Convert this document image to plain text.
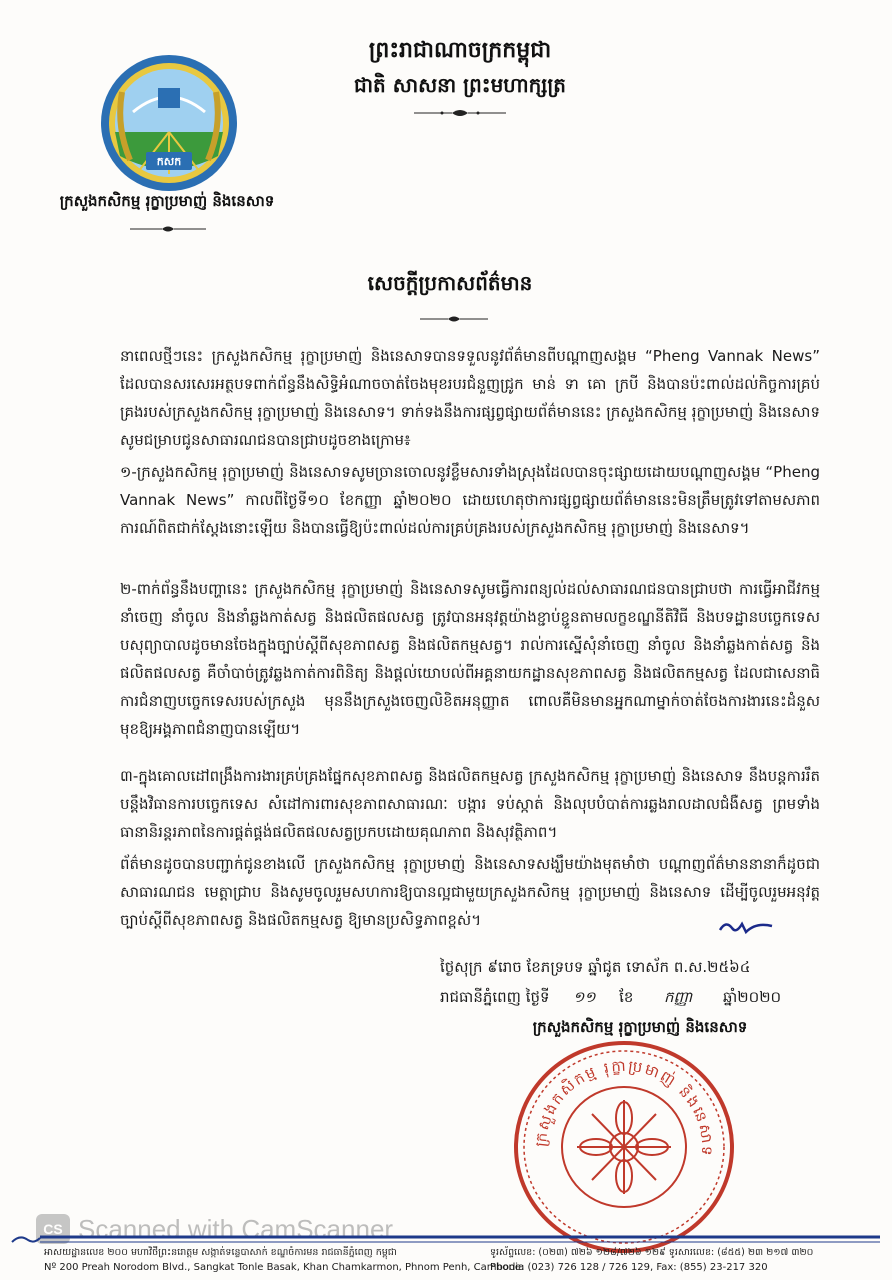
កសក
ក្រសួងកសិកម្ម រុក្ខាប្រមាញ់ និងនេសាទ
ព្រះរាជាណាចក្រកម្ពុជា
ជាតិ សាសនា ព្រះមហាក្សត្រ
សេចក្តីប្រកាសព័ត៌មាន
នាពេលថ្មីៗនេះ ក្រសួងកសិកម្ម រុក្ខាប្រមាញ់ និងនេសាទបានទទួលនូវព័ត៌មានពីបណ្តាញសង្គម “Pheng Vannak News” ដែលបានសរសេរអត្ថបទពាក់ព័ន្ធនឹងសិទ្ធិអំណាចចាត់ចែងមុខរបរជំនួញជ្រូក មាន់ ទា គោ ក្របី និងបានប៉ះពាល់ដល់កិច្ចការគ្រប់គ្រងរបស់ក្រសួងកសិកម្ម រុក្ខាប្រមាញ់ និងនេសាទ។ ទាក់ទងនឹងការផ្សព្វផ្សាយព័ត៌មាននេះ ក្រសួងកសិកម្ម រុក្ខាប្រមាញ់ និងនេសាទសូមជម្រាបជូនសាធារណជនបានជ្រាបដូចខាងក្រោម៖
១-ក្រសួងកសិកម្ម រុក្ខាប្រមាញ់ និងនេសាទសូមច្រានចោលនូវខ្លឹមសារទាំងស្រុងដែលបានចុះផ្សាយដោយបណ្តាញសង្គម “Pheng Vannak News” កាលពីថ្ងៃទី១០ ខែកញ្ញា ឆ្នាំ២០២០ ដោយហេតុថាការផ្សព្វផ្សាយព័ត៌មាននេះមិនត្រឹមត្រូវទៅតាមសភាពការណ៍ពិតជាក់ស្តែងនោះឡើយ និងបានធ្វើឱ្យប៉ះពាល់ដល់ការគ្រប់គ្រងរបស់ក្រសួងកសិកម្ម រុក្ខាប្រមាញ់ និងនេសាទ។
២-ពាក់ព័ន្ធនឹងបញ្ហានេះ ក្រសួងកសិកម្ម រុក្ខាប្រមាញ់ និងនេសាទសូមធ្វើការពន្យល់ដល់សាធារណជនបានជ្រាបថា ការធ្វើអាជីវកម្មនាំចេញ នាំចូល និងនាំឆ្លងកាត់សត្វ និងផលិតផលសត្វ ត្រូវបានអនុវត្តយ៉ាងខ្ជាប់ខ្ជួនតាមលក្ខខណ្ឌនីតិវិធី និងបទដ្ឋានបច្ចេកទេសបសុព្យាបាលដូចមានចែងក្នុងច្បាប់ស្តីពីសុខភាពសត្វ និងផលិតកម្មសត្វ។ រាល់ការស្នើសុំនាំចេញ នាំចូល និងនាំឆ្លងកាត់សត្វ និងផលិតផលសត្វ គឺចាំបាច់ត្រូវឆ្លងកាត់ការពិនិត្យ និងផ្តល់យោបល់ពីអគ្គនាយកដ្ឋានសុខភាពសត្វ និងផលិតកម្មសត្វ ដែលជាសេនាធិការជំនាញបច្ចេកទេសរបស់ក្រសួង មុននឹងក្រសួងចេញលិខិតអនុញ្ញាត ពោលគឺមិនមានអ្នកណាម្នាក់ចាត់ចែងការងារនេះដំនួសមុខឱ្យអង្គភាពជំនាញបានឡើយ។
៣-ក្នុងគោលដៅពង្រឹងការងារគ្រប់គ្រងផ្នែកសុខភាពសត្វ និងផលិតកម្មសត្វ ក្រសួងកសិកម្ម រុក្ខាប្រមាញ់ និងនេសាទ នឹងបន្តការរឹតបន្តឹងវិធានការបច្ចេកទេស សំដៅការពារសុខភាពសាធារណៈ បង្ការ ទប់ស្កាត់ និងលុបបំបាត់ការឆ្លងរាលដាលជំងឺសត្វ ព្រមទាំងធានានិរន្តរភាពនៃការផ្គត់ផ្គង់ផលិតផលសត្វប្រកបដោយគុណភាព និងសុវត្ថិភាព។
ព័ត៌មានដូចបានបញ្ជាក់ជូនខាងលើ ក្រសួងកសិកម្ម រុក្ខាប្រមាញ់ និងនេសាទសង្ឃឹមយ៉ាងមុតមាំថា បណ្តាញព័ត៌មាននានាក៏ដូចជាសាធារណជន មេត្តាជ្រាប និងសូមចូលរួមសហការឱ្យបានល្អជាមួយក្រសួងកសិកម្ម រុក្ខាប្រមាញ់ និងនេសាទ ដើម្បីចូលរួមអនុវត្តច្បាប់ស្តីពីសុខភាពសត្វ និងផលិតកម្មសត្វ ឱ្យមានប្រសិទ្ធភាពខ្ពស់។
ថ្ងៃសុក្រ ៩រោច ខែភទ្របទ ឆ្នាំជូត ទោស័ក ព.ស.២៥៦៤
រាជធានីភ្នំពេញ ថ្ងៃទី ១១ ខែ កញ្ញា ឆ្នាំ២០២០
ក្រសួងកសិកម្ម រុក្ខាប្រមាញ់ និងនេសាទ
ក្រសួងកសិកម្ម រុក្ខាប្រមាញ់ និងនេសាទ
CS Scanned with CamScanner
អាសយដ្ឋានលេខ ២០០ មហាវិថីព្រះនរោត្តម សង្កាត់ទន្លេបាសាក់ ខណ្ឌចំការមន រាជធានីភ្នំពេញ កម្ពុជា
Nº 200 Preah Norodom Blvd., Sangkat Tonle Basak, Khan Chamkarmon, Phnom Penh, Cambodia
ទូរស័ព្ទលេខ: (០២៣) ៧២៦ ១២៨/៧២៦ ១២៩ ទូរសារលេខ: (៨៥៥) ២៣ ២១៧ ៣២០
Phone: (023) 726 128 / 726 129, Fax: (855) 23-217 320
